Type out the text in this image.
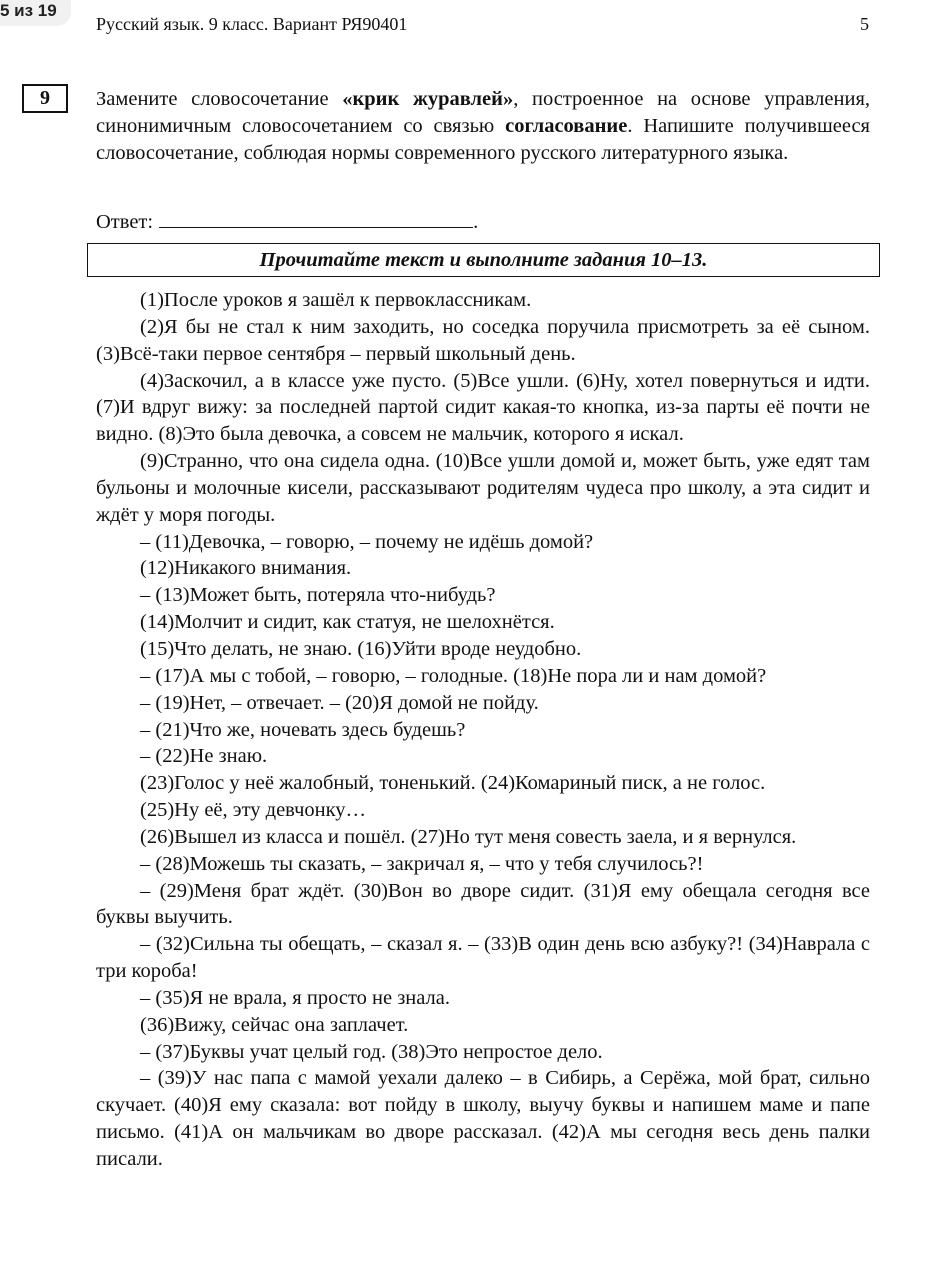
5 из 19
Русский язык. 9 класс. Вариант РЯ90401	5
9	Замените словосочетание «крик журавлей», построенное на основе управления, синонимичным словосочетанием со связью согласование. Напишите получившееся словосочетание, соблюдая нормы современного русского литературного языка.
Ответ:	.
Прочитайте текст и выполните задания 10–13.

(1)После уроков я зашёл к первоклассникам.

(2)Я бы не стал к ним заходить, но соседка поручила присмотреть за её сыном. (3)Всё-таки первое сентября – первый школьный день.

(4)Заскочил, а в классе уже пусто. (5)Все ушли. (6)Ну, хотел повернуться и идти. (7)И вдруг вижу: за последней партой сидит какая-то кнопка, из-за парты её почти не видно. (8)Это была девочка, а совсем не мальчик, которого я искал.

(9)Странно, что она сидела одна. (10)Все ушли домой и, может быть, уже едят там бульоны и молочные кисели, рассказывают родителям чудеса про школу, а эта сидит и ждёт у моря погоды.

– (11)Девочка, – говорю, – почему не идёшь домой?

(12)Никакого внимания.

– (13)Может быть, потеряла что-нибудь?

(14)Молчит и сидит, как статуя, не шелохнётся.

(15)Что делать, не знаю. (16)Уйти вроде неудобно.

– (17)А мы с тобой, – говорю, – голодные. (18)Не пора ли и нам домой?

– (19)Нет, – отвечает. – (20)Я домой не пойду.

– (21)Что же, ночевать здесь будешь?

– (22)Не знаю.

(23)Голос у неё жалобный, тоненький. (24)Комариный писк, а не голос.

(25)Ну её, эту девчонку…

(26)Вышел из класса и пошёл. (27)Но тут меня совесть заела, и я вернулся.

– (28)Можешь ты сказать, – закричал я, – что у тебя случилось?!

– (29)Меня брат ждёт. (30)Вон во дворе сидит. (31)Я ему обещала сегодня все буквы выучить.

– (32)Сильна ты обещать, – сказал я. – (33)В один день всю азбуку?! (34)Наврала с три короба!

– (35)Я не врала, я просто не знала.

(36)Вижу, сейчас она заплачет.

– (37)Буквы учат целый год. (38)Это непростое дело.

– (39)У нас папа с мамой уехали далеко – в Сибирь, а Серёжа, мой брат, сильно скучает. (40)Я ему сказала: вот пойду в школу, выучу буквы и напишем маме и папе письмо. (41)А он мальчикам во дворе рассказал. (42)А мы сегодня весь день палки писали.
